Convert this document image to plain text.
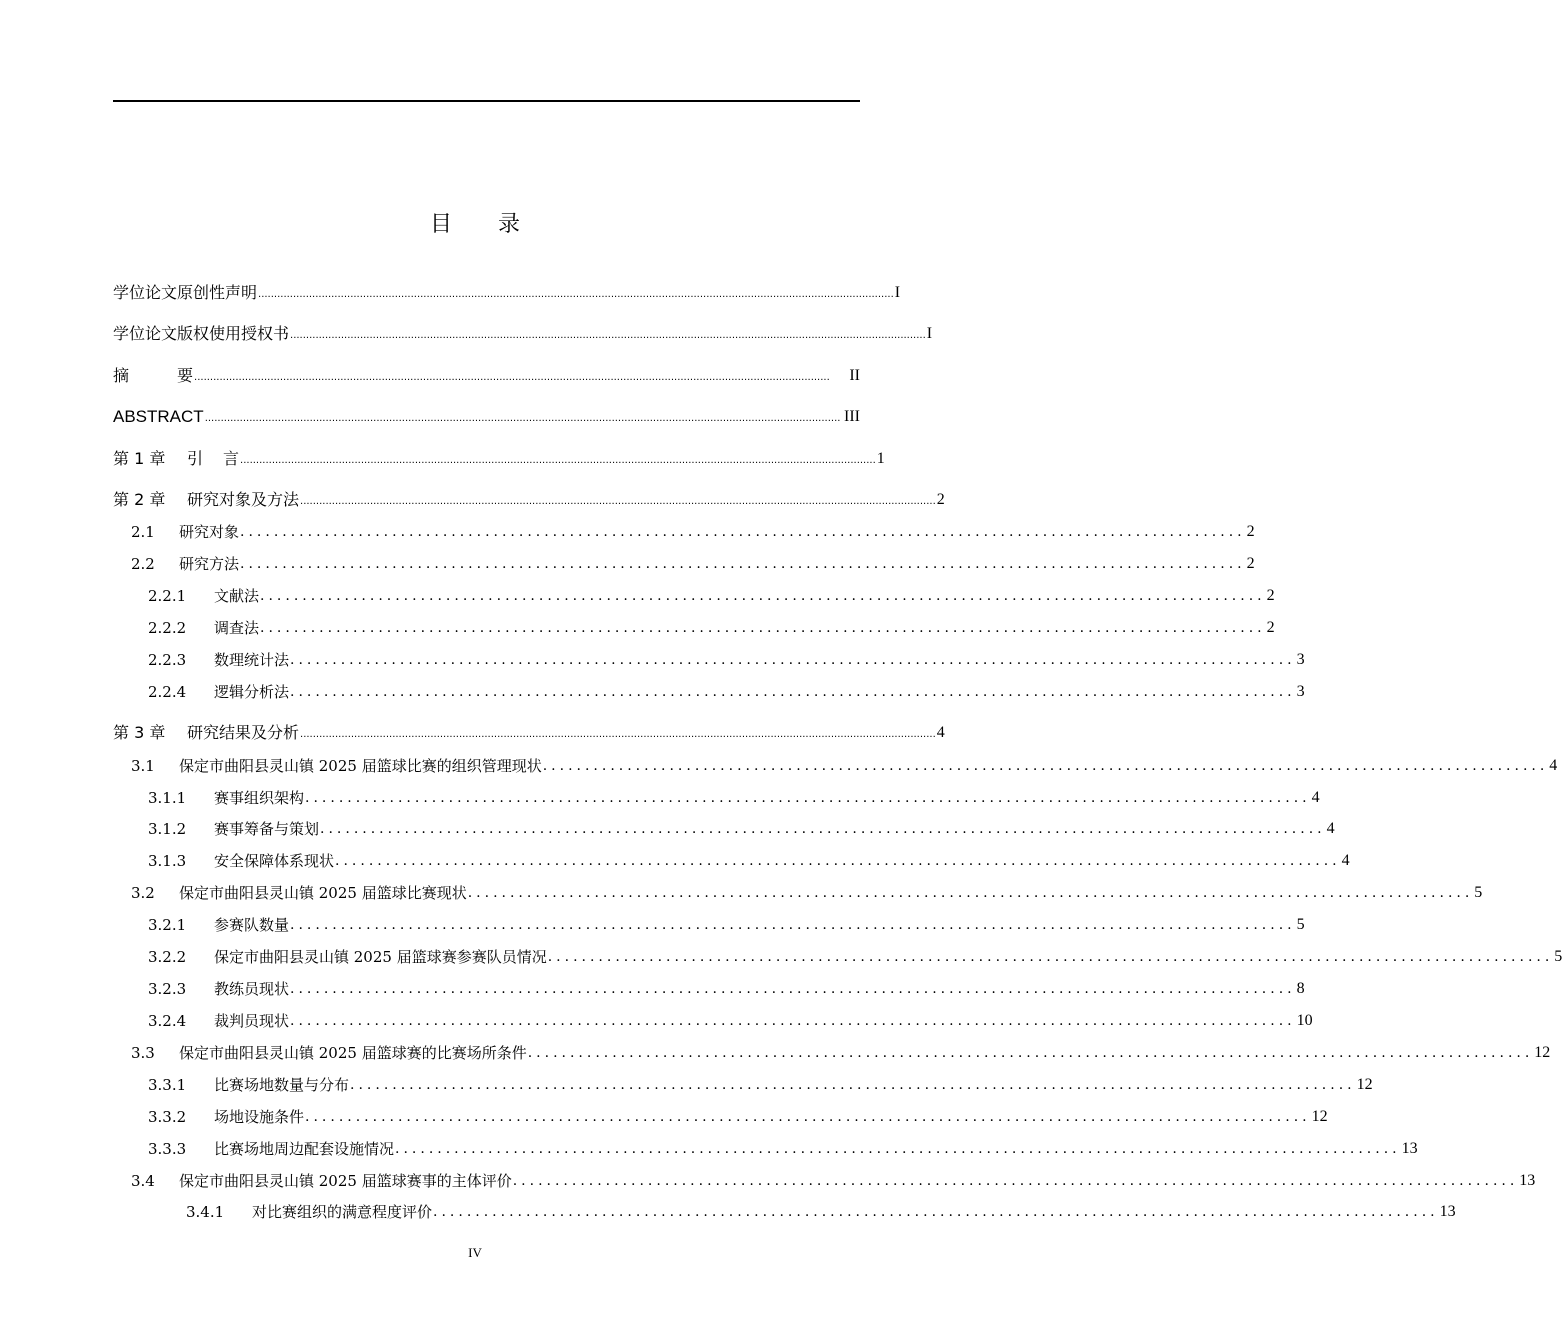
目 录
学位论文原创性声明 ........................................................................................................................................................................................................ I
学位论文版权使用授权书 ........................................................................................................................................................................................................ I
摘	要 ........................................................................................................................................................................................................	II
ABSTRACT ........................................................................................................................................................................................................ III
第 1 章	引 言 ........................................................................................................................................................................................................ 1
第 2 章	研究对象及方法 ........................................................................................................................................................................................................ 2
2.1	研究对象 ....................................................................................................................... 2
2.2	研究方法 ....................................................................................................................... 2
2.2.1	文献法 ....................................................................................................................... 2
2.2.2	调查法 ....................................................................................................................... 2
2.2.3	数理统计法 ....................................................................................................................... 3
2.2.4	逻辑分析法 ....................................................................................................................... 3
第 3 章	研究结果及分析 ........................................................................................................................................................................................................ 4
3.1	保定市曲阳县灵山镇 2025 届篮球比赛的组织管理现状 ....................................................................................................................... 4
3.1.1	赛事组织架构 ....................................................................................................................... 4
3.1.2	赛事筹备与策划 ....................................................................................................................... 4
3.1.3	安全保障体系现状 ....................................................................................................................... 4
3.2	保定市曲阳县灵山镇 2025 届篮球比赛现状 ....................................................................................................................... 5
3.2.1	参赛队数量 ....................................................................................................................... 5
3.2.2	保定市曲阳县灵山镇 2025 届篮球赛参赛队员情况 ....................................................................................................................... 5
3.2.3	教练员现状 ....................................................................................................................... 8
3.2.4	裁判员现状 ....................................................................................................................... 10
3.3	保定市曲阳县灵山镇 2025 届篮球赛的比赛场所条件 ....................................................................................................................... 12
3.3.1	比赛场地数量与分布 ....................................................................................................................... 12
3.3.2	场地设施条件 ....................................................................................................................... 12
3.3.3	比赛场地周边配套设施情况 ....................................................................................................................... 13
3.4	保定市曲阳县灵山镇 2025 届篮球赛事的主体评价 ....................................................................................................................... 13
3.4.1	对比赛组织的满意程度评价 ....................................................................................................................... 13
IV
